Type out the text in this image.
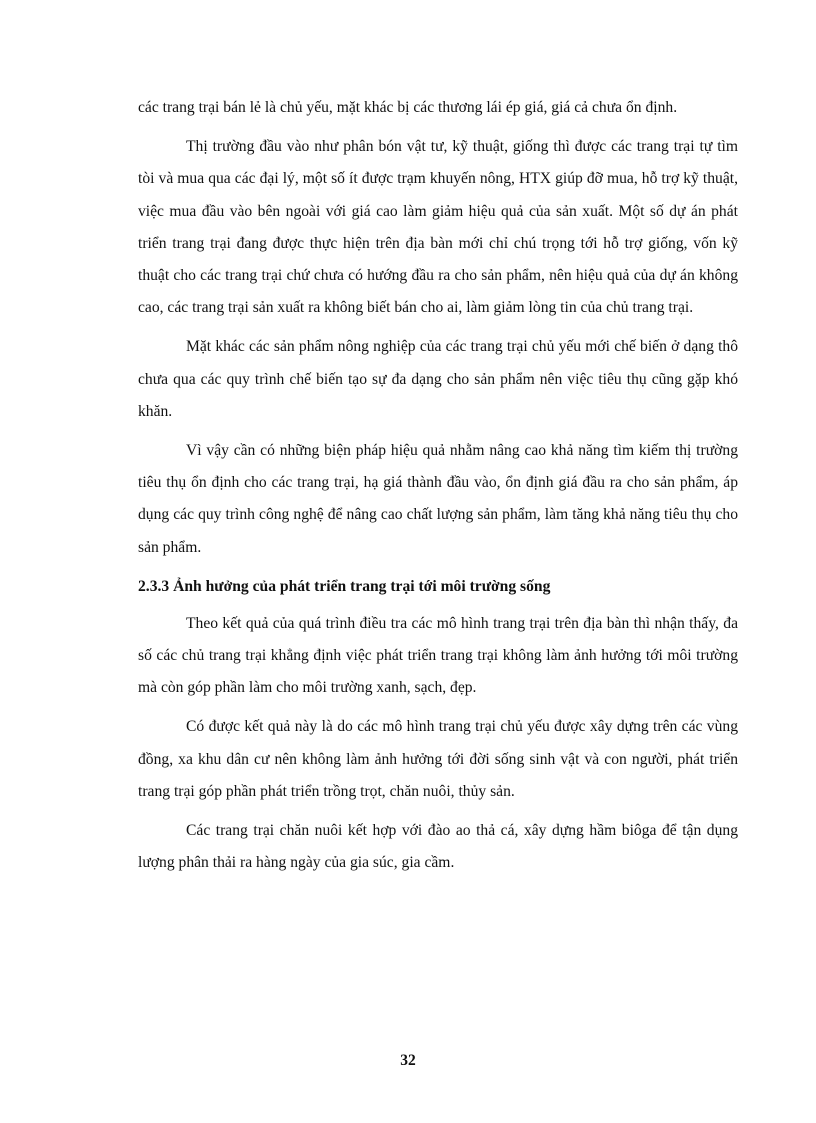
các trang trại bán lẻ là chủ yếu, mặt khác bị các thương lái ép giá, giá cả chưa ổn định.

Thị trường đầu vào như phân bón vật tư, kỹ thuật, giống thì được các trang trại tự tìm tòi và mua qua các đại lý, một số ít được trạm khuyến nông, HTX giúp đỡ mua, hỗ trợ kỹ thuật, việc mua đầu vào bên ngoài với giá cao làm giảm hiệu quả của sản xuất. Một số dự án phát triển trang trại đang được thực hiện trên địa bàn mới chỉ chú trọng tới hỗ trợ giống, vốn kỹ thuật cho các trang trại chứ chưa có hướng đầu ra cho sản phẩm, nên hiệu quả của dự án không cao, các trang trại sản xuất ra không biết bán cho ai, làm giảm lòng tin của chủ trang trại.

Mặt khác các sản phẩm nông nghiệp của các trang trại chủ yếu mới chế biến ở dạng thô chưa qua các quy trình chế biến tạo sự đa dạng cho sản phẩm nên việc tiêu thụ cũng gặp khó khăn.

Vì vậy cần có những biện pháp hiệu quả nhằm nâng cao khả năng tìm kiếm thị trường tiêu thụ ổn định cho các trang trại, hạ giá thành đầu vào, ổn định giá đầu ra cho sản phẩm, áp dụng các quy trình công nghệ để nâng cao chất lượng sản phẩm, làm tăng khả năng tiêu thụ cho sản phẩm.

2.3.3 Ảnh hưởng của phát triển trang trại tới môi trường sống

Theo kết quả của quá trình điều tra các mô hình trang trại trên địa bàn thì nhận thấy, đa số các chủ trang trại khẳng định việc phát triển trang trại không làm ảnh hưởng tới môi trường mà còn góp phần làm cho môi trường xanh, sạch, đẹp.

Có được kết quả này là do các mô hình trang trại chủ yếu được xây dựng trên các vùng đồng, xa khu dân cư nên không làm ảnh hưởng tới đời sống sinh vật và con người, phát triển trang trại góp phần phát triển trồng trọt, chăn nuôi, thủy sản.

Các trang trại chăn nuôi kết hợp với đào ao thả cá, xây dựng hầm biôga để tận dụng lượng phân thải ra hàng ngày của gia súc, gia cầm.

32
